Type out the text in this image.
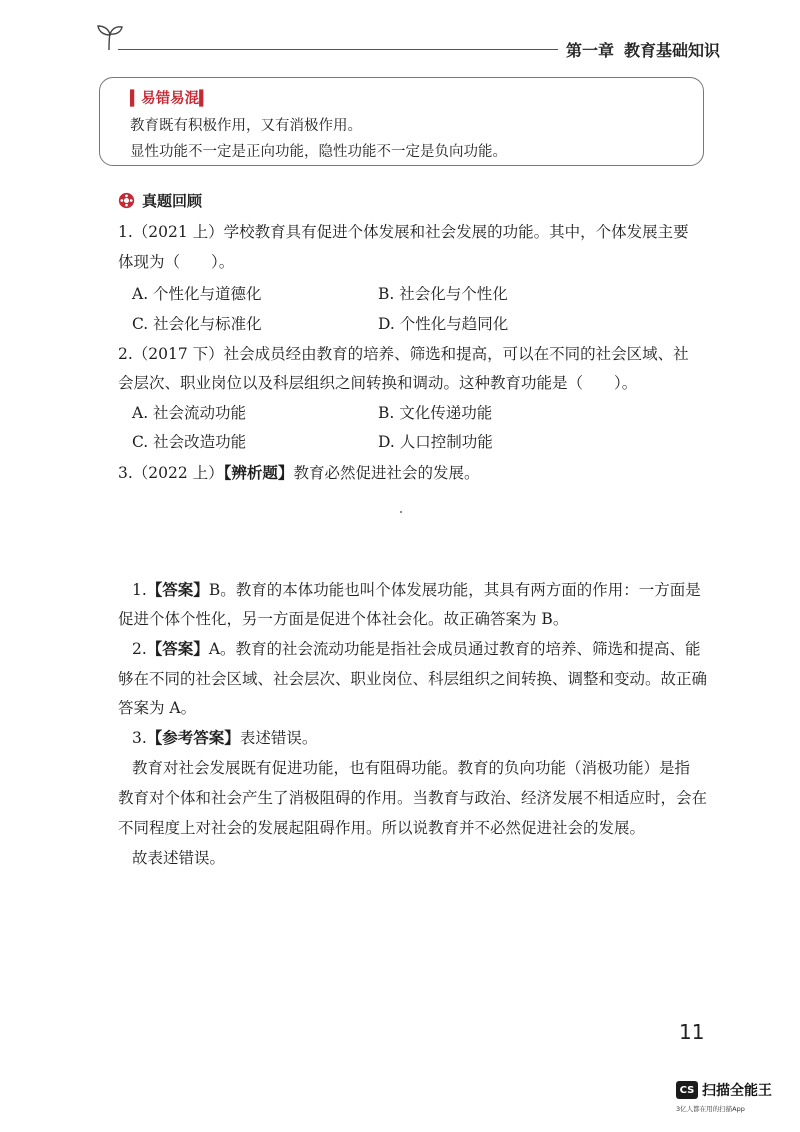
第一章 教育基础知识
▍易错易混▍
教育既有积极作用，又有消极作用。
显性功能不一定是正向功能，隐性功能不一定是负向功能。
真题回顾
1.（2021 上）学校教育具有促进个体发展和社会发展的功能。其中，个体发展主要
体现为（　　）。
A. 个性化与道德化	B. 社会化与个性化
C. 社会化与标准化	D. 个性化与趋同化
2.（2017 下）社会成员经由教育的培养、筛选和提高，可以在不同的社会区域、社
会层次、职业岗位以及科层组织之间转换和调动。这种教育功能是（　　）。
A. 社会流动功能	B. 文化传递功能
C. 社会改造功能	D. 人口控制功能
3.（2022 上）【辨析题】教育必然促进社会的发展。
1.【答案】B。教育的本体功能也叫个体发展功能，其具有两方面的作用：一方面是
促进个体个性化，另一方面是促进个体社会化。故正确答案为 B。
2.【答案】A。教育的社会流动功能是指社会成员通过教育的培养、筛选和提高、能
够在不同的社会区域、社会层次、职业岗位、科层组织之间转换、调整和变动。故正确
答案为 A。
3.【参考答案】表述错误。
教育对社会发展既有促进功能，也有阻碍功能。教育的负向功能（消极功能）是指
教育对个体和社会产生了消极阻碍的作用。当教育与政治、经济发展不相适应时，会在
不同程度上对社会的发展起阻碍作用。所以说教育并不必然促进社会的发展。
故表述错误。
11
CS 扫描全能王
3亿人都在用的扫描App
